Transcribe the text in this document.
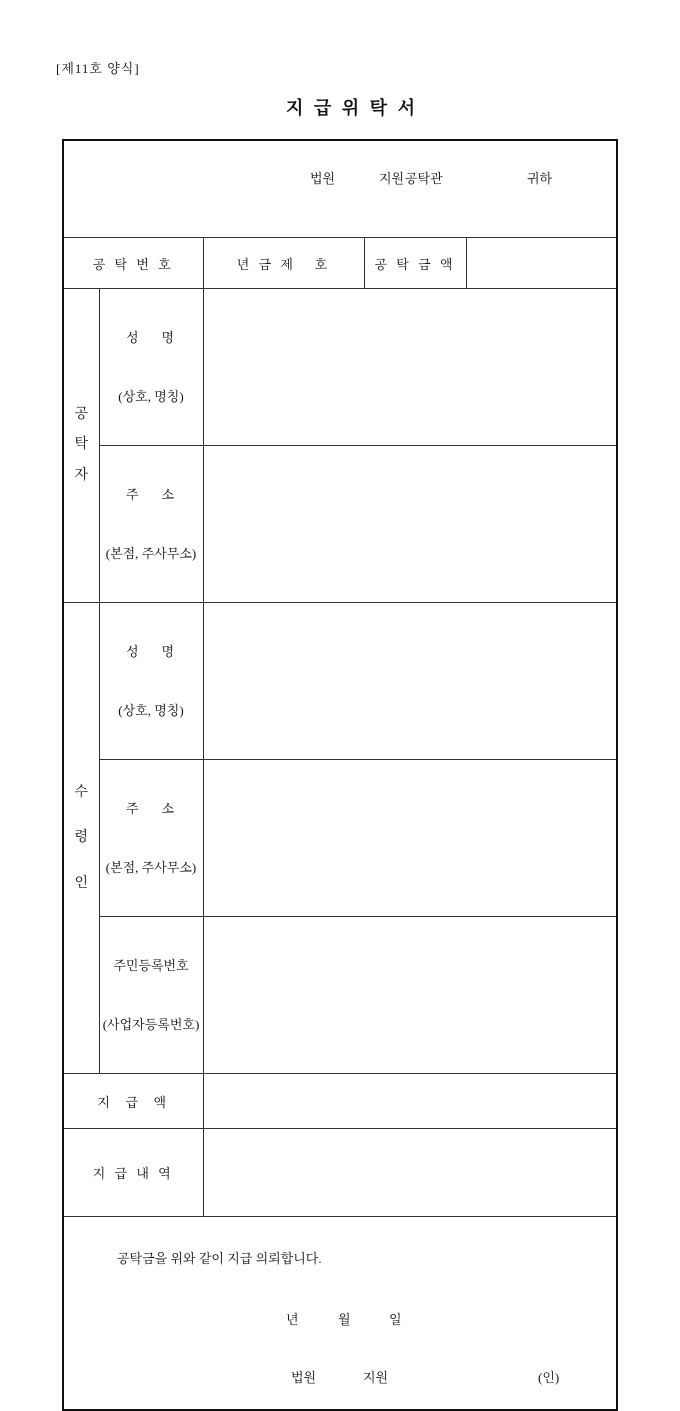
[제11호 양식]
지 급 위 탁 서

법원

지원

공탁관

귀하				

공 탁 번 호		년 금 제   호	공 탁 금 액	

공탁자	성    명

(상호, 명칭)			

	주    소

(본점, 주사무소)			

수령인	성    명

(상호, 명칭)			

	주    소

(본점, 주사무소)			

	주민등록번호

(사업자등록번호)			

지  급  액				
지 급 내 역				

공탁금을 위와 같이 지급 의뢰합니다.

년

	월

	일

법원

	지원

	(인)
